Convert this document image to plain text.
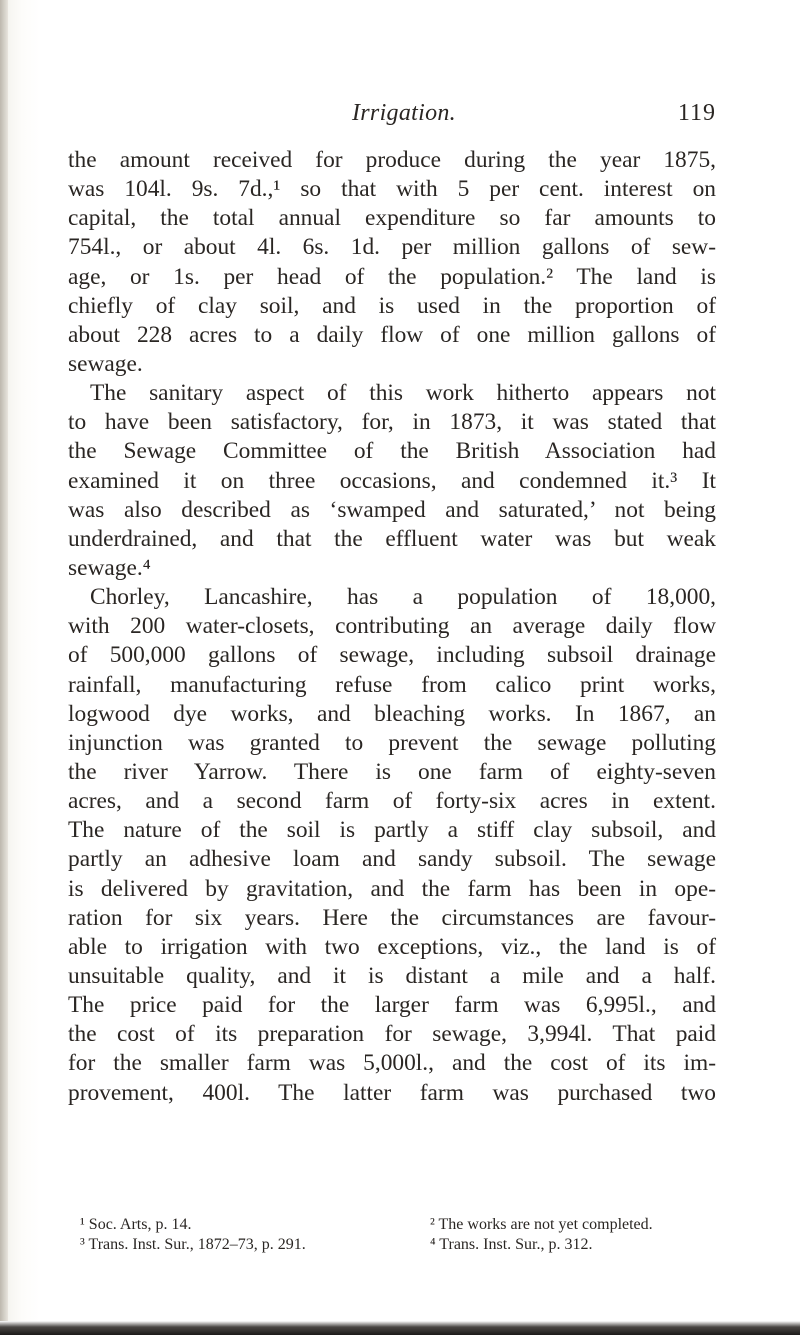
Irrigation.	119
the amount received for produce during the year 1875,
was 104l. 9s. 7d.,¹ so that with 5 per cent. interest on
capital, the total annual expenditure so far amounts to
754l., or about 4l. 6s. 1d. per million gallons of sew-
age, or 1s. per head of the population.² The land is
chiefly of clay soil, and is used in the proportion of
about 228 acres to a daily flow of one million gallons of
sewage.
The sanitary aspect of this work hitherto appears not
to have been satisfactory, for, in 1873, it was stated that
the Sewage Committee of the British Association had
examined it on three occasions, and condemned it.³ It
was also described as ‘swamped and saturated,’ not being
underdrained, and that the effluent water was but weak
sewage.⁴
Chorley, Lancashire, has a population of 18,000,
with 200 water-closets, contributing an average daily flow
of 500,000 gallons of sewage, including subsoil drainage
rainfall, manufacturing refuse from calico print works,
logwood dye works, and bleaching works. In 1867, an
injunction was granted to prevent the sewage polluting
the river Yarrow. There is one farm of eighty-seven
acres, and a second farm of forty-six acres in extent.
The nature of the soil is partly a stiff clay subsoil, and
partly an adhesive loam and sandy subsoil. The sewage
is delivered by gravitation, and the farm has been in ope-
ration for six years. Here the circumstances are favour-
able to irrigation with two exceptions, viz., the land is of
unsuitable quality, and it is distant a mile and a half.
The price paid for the larger farm was 6,995l., and
the cost of its preparation for sewage, 3,994l. That paid
for the smaller farm was 5,000l., and the cost of its im-
provement, 400l. The latter farm was purchased two
¹ Soc. Arts, p. 14.	² The works are not yet completed.
³ Trans. Inst. Sur., 1872–73, p. 291.	⁴ Trans. Inst. Sur., p. 312.
